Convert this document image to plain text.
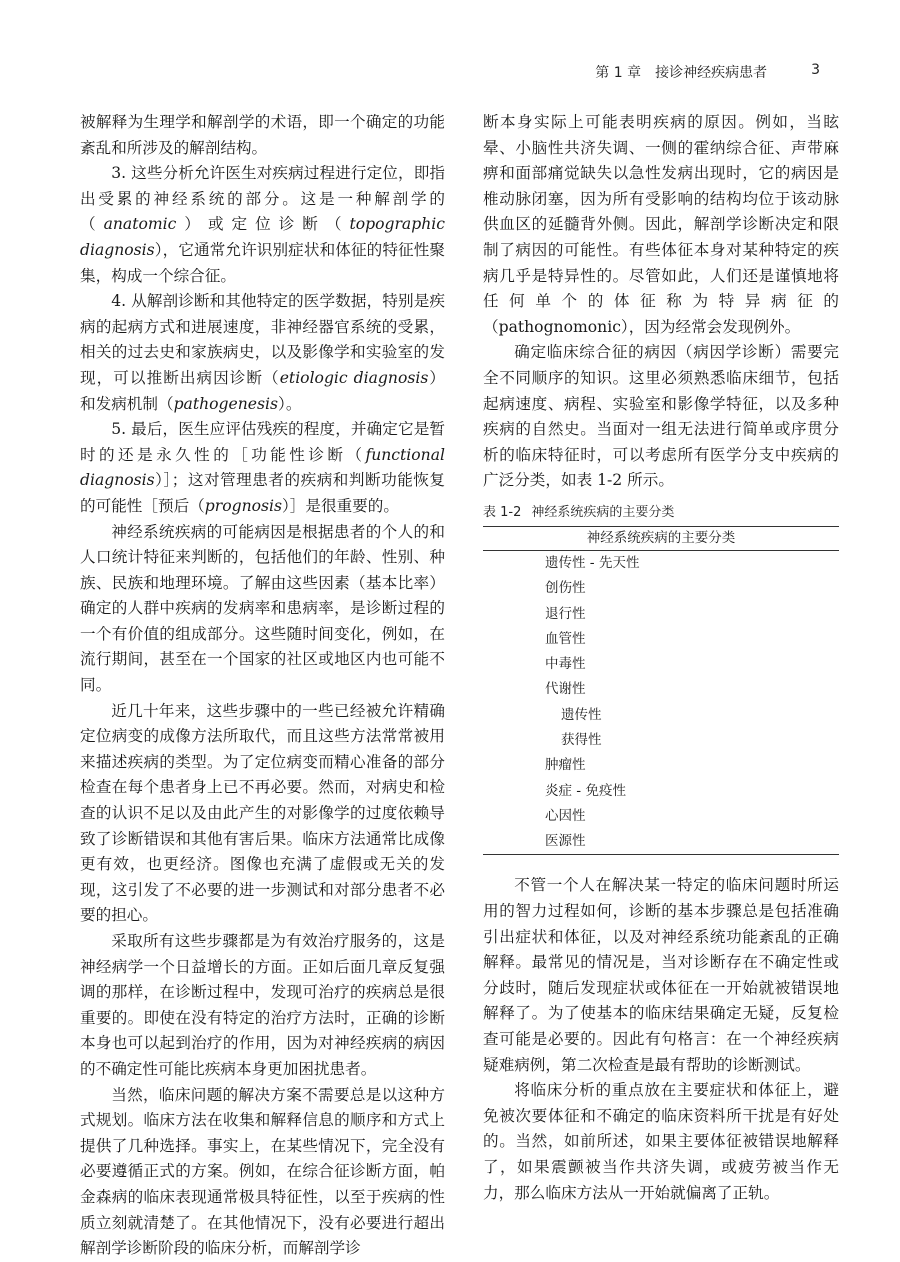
第 1 章　接诊神经疾病患者	3

被解释为生理学和解剖学的术语，即一个确定的功能紊乱和所涉及的解剖结构。

3. 这些分析允许医生对疾病过程进行定位，即指出受累的神经系统的部分。这是一种解剖学的（anatomic）或定位诊断（topographic diagnosis），它通常允许识别症状和体征的特征性聚集，构成一个综合征。

4. 从解剖诊断和其他特定的医学数据，特别是疾病的起病方式和进展速度，非神经器官系统的受累，相关的过去史和家族病史，以及影像学和实验室的发现，可以推断出病因诊断（etiologic diagnosis）和发病机制（pathogenesis）。

5. 最后，医生应评估残疾的程度，并确定它是暂时的还是永久性的［功能性诊断（functional diagnosis）］；这对管理患者的疾病和判断功能恢复的可能性［预后（prognosis）］是很重要的。

神经系统疾病的可能病因是根据患者的个人的和人口统计特征来判断的，包括他们的年龄、性别、种族、民族和地理环境。了解由这些因素（基本比率）确定的人群中疾病的发病率和患病率，是诊断过程的一个有价值的组成部分。这些随时间变化，例如，在流行期间，甚至在一个国家的社区或地区内也可能不同。

近几十年来，这些步骤中的一些已经被允许精确定位病变的成像方法所取代，而且这些方法常常被用来描述疾病的类型。为了定位病变而精心准备的部分检查在每个患者身上已不再必要。然而，对病史和检查的认识不足以及由此产生的对影像学的过度依赖导致了诊断错误和其他有害后果。临床方法通常比成像更有效，也更经济。图像也充满了虚假或无关的发现，这引发了不必要的进一步测试和对部分患者不必要的担心。

采取所有这些步骤都是为有效治疗服务的，这是神经病学一个日益增长的方面。正如后面几章反复强调的那样，在诊断过程中，发现可治疗的疾病总是很重要的。即使在没有特定的治疗方法时，正确的诊断本身也可以起到治疗的作用，因为对神经疾病的病因的不确定性可能比疾病本身更加困扰患者。

当然，临床问题的解决方案不需要总是以这种方式规划。临床方法在收集和解释信息的顺序和方式上提供了几种选择。事实上，在某些情况下，完全没有必要遵循正式的方案。例如，在综合征诊断方面，帕金森病的临床表现通常极具特征性，以至于疾病的性质立刻就清楚了。在其他情况下，没有必要进行超出解剖学诊断阶段的临床分析，而解剖学诊

断本身实际上可能表明疾病的原因。例如，当眩晕、小脑性共济失调、一侧的霍纳综合征、声带麻痹和面部痛觉缺失以急性发病出现时，它的病因是椎动脉闭塞，因为所有受影响的结构均位于该动脉供血区的延髓背外侧。因此，解剖学诊断决定和限制了病因的可能性。有些体征本身对某种特定的疾病几乎是特异性的。尽管如此，人们还是谨慎地将任何单个的体征称为特异病征的（pathognomonic），因为经常会发现例外。

确定临床综合征的病因（病因学诊断）需要完全不同顺序的知识。这里必须熟悉临床细节，包括起病速度、病程、实验室和影像学特征，以及多种疾病的自然史。当面对一组无法进行简单或序贯分析的临床特征时，可以考虑所有医学分支中疾病的广泛分类，如表 1-2 所示。

表 1-2 神经系统疾病的主要分类
神经系统疾病的主要分类
遗传性 - 先天性
创伤性
退行性
血管性
中毒性
代谢性
遗传性
获得性
肿瘤性
炎症 - 免疫性
心因性
医源性

不管一个人在解决某一特定的临床问题时所运用的智力过程如何，诊断的基本步骤总是包括准确引出症状和体征，以及对神经系统功能紊乱的正确解释。最常见的情况是，当对诊断存在不确定性或分歧时，随后发现症状或体征在一开始就被错误地解释了。为了使基本的临床结果确定无疑，反复检查可能是必要的。因此有句格言：在一个神经疾病疑难病例，第二次检查是最有帮助的诊断测试。

将临床分析的重点放在主要症状和体征上，避免被次要体征和不确定的临床资料所干扰是有好处的。当然，如前所述，如果主要体征被错误地解释了，如果震颤被当作共济失调，或疲劳被当作无力，那么临床方法从一开始就偏离了正轨。
